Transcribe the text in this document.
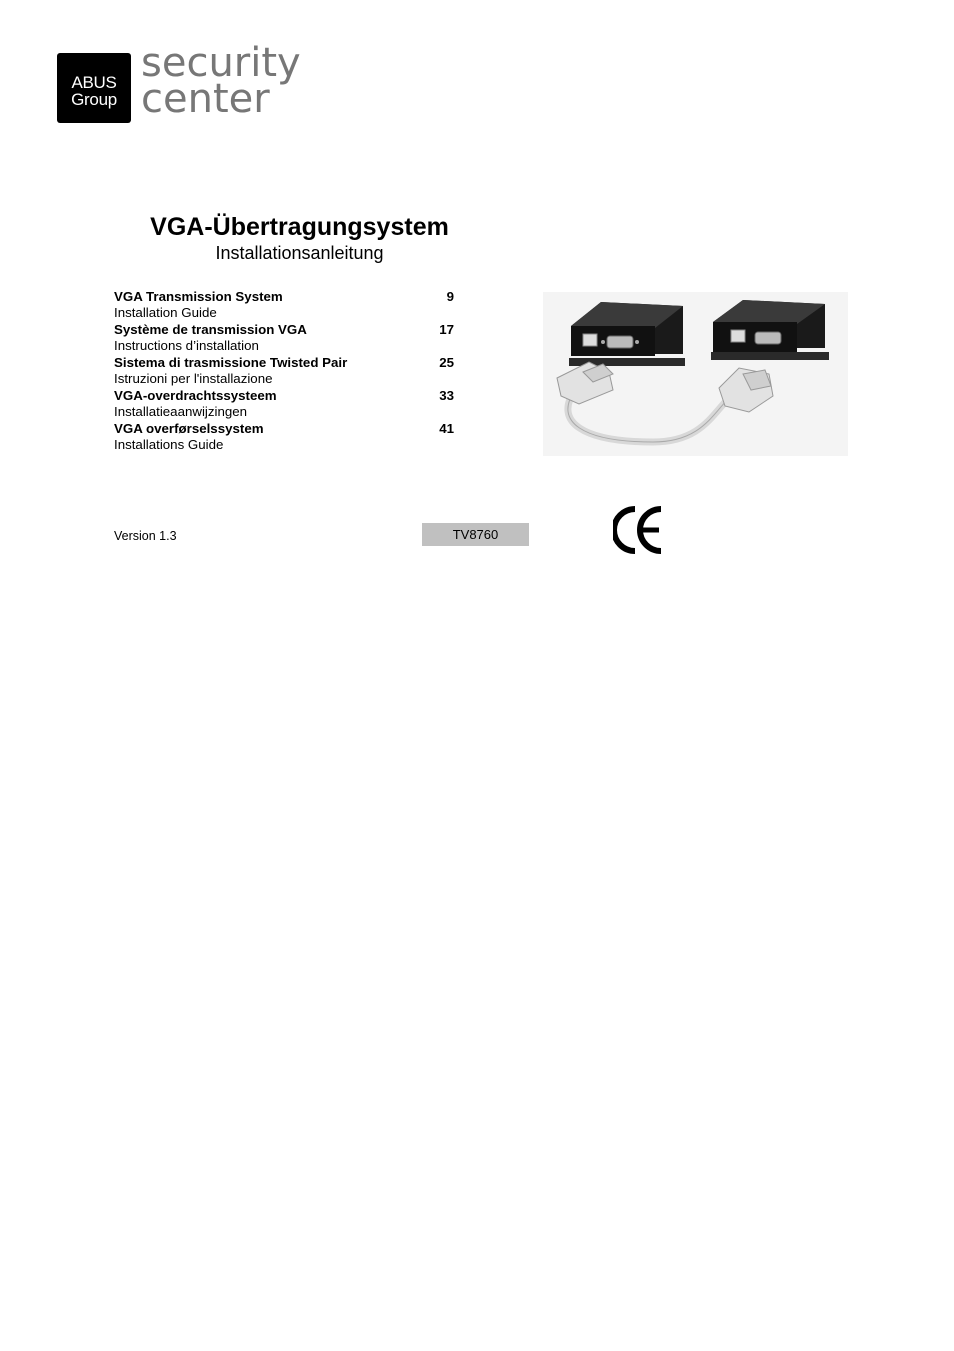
ABUS
Group
security
center
VGA-Übertragungsystem
Installationsanleitung
VGA Transmission System
Installation Guide
9
Système de transmission VGA
Instructions d’installation
17
Sistema di trasmissione Twisted Pair
Istruzioni per l'installazione
25
VGA-overdrachtssysteem
Installatieaanwijzingen
33
VGA overførselssystem
Installations Guide
41
Version 1.3	TV8760
